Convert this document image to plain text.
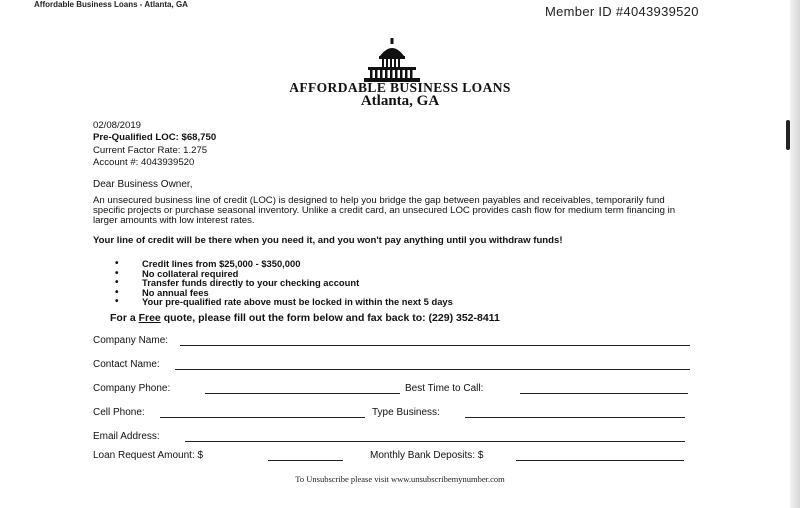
Affordable Business Loans - Atlanta, GA	Member ID #4043939520
AFFORDABLE BUSINESS LOANS
Atlanta, GA
02/08/2019
Pre-Qualified LOC: $68,750
Current Factor Rate: 1.275
Account #: 4043939520
Dear Business Owner,
An unsecured business line of credit (LOC) is designed to help you bridge the gap between payables and receivables, temporarily fund specific projects or purchase seasonal inventory. Unlike a credit card, an unsecured LOC provides cash flow for medium term financing in larger amounts with low interest rates.
Your line of credit will be there when you need it, and you won't pay anything until you withdraw funds!
• Credit lines from $25,000 - $350,000
• No collateral required
• Transfer funds directly to your checking account
• No annual fees
• Your pre-qualified rate above must be locked in within the next 5 days
For a Free quote, please fill out the form below and fax back to: (229) 352-8411
Company Name:
Contact Name:
Company Phone:	Best Time to Call:
Cell Phone:	Type Business:
Email Address:
Loan Request Amount: $	Monthly Bank Deposits: $
To Unsubscribe please visit www.unsubscribemynumber.com
